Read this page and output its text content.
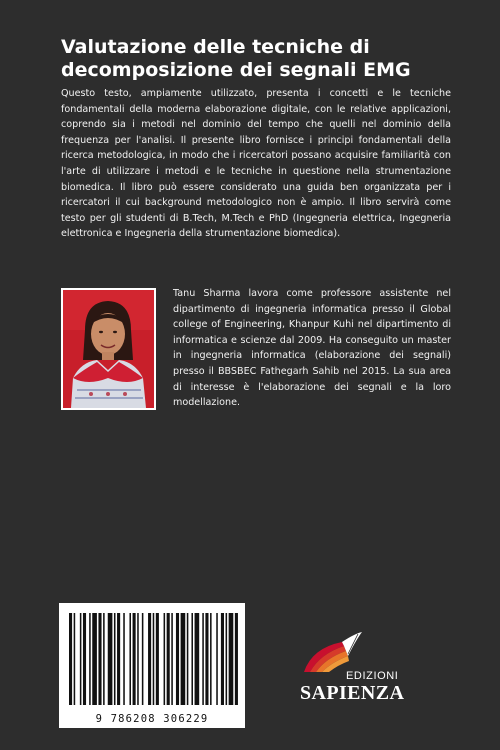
Valutazione delle tecniche di decomposizione dei segnali EMG

Questo testo, ampiamente utilizzato, presenta i concetti e le tecniche fondamentali della moderna elaborazione digitale, con le relative applicazioni, coprendo sia i metodi nel dominio del tempo che quelli nel dominio della frequenza per l'analisi. Il presente libro fornisce i principi fondamentali della ricerca metodologica, in modo che i ricercatori possano acquisire familiarità con l'arte di utilizzare i metodi e le tecniche in questione nella strumentazione biomedica. Il libro può essere considerato una guida ben organizzata per i ricercatori il cui background metodologico non è ampio. Il libro servirà come testo per gli studenti di B.Tech, M.Tech e PhD (Ingegneria elettrica, Ingegneria elettronica e Ingegneria della strumentazione biomedica).

Tanu Sharma lavora come professore assistente nel dipartimento di ingegneria informatica presso il Global college of Engineering, Khanpur Kuhi nel dipartimento di informatica e scienze dal 2009. Ha conseguito un master in ingegneria informatica (elaborazione dei segnali) presso il BBSBEC Fathegarh Sahib nel 2015. La sua area di interesse è l'elaborazione dei segnali e la loro modellazione.

9 786208 306229
EDIZIONI
SAPIENZA
